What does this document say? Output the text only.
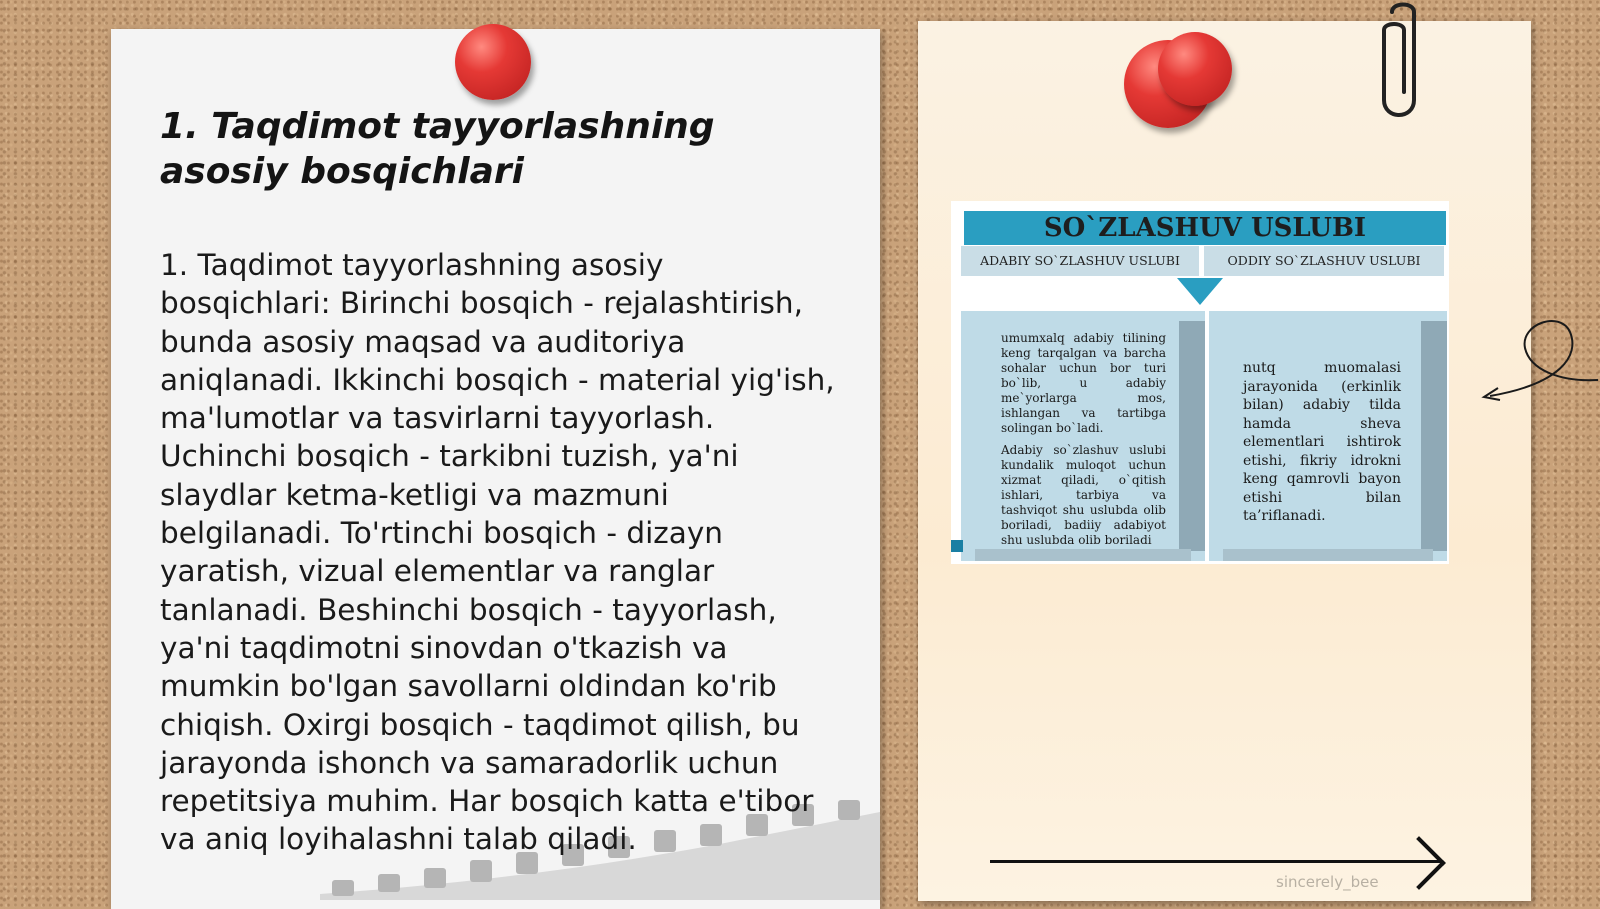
1. Taqdimot tayyorlashning asosiy bosqichlari

1. Taqdimot tayyorlashning asosiy bosqichlari: Birinchi bosqich - rejalashtirish, bunda asosiy maqsad va auditoriya aniqlanadi. Ikkinchi bosqich - material yig'ish, ma'lumotlar va tasvirlarni tayyorlash. Uchinchi bosqich - tarkibni tuzish, ya'ni slaydlar ketma-ketligi va mazmuni belgilanadi. To'rtinchi bosqich - dizayn yaratish, vizual elementlar va ranglar tanlanadi. Beshinchi bosqich - tayyorlash, ya'ni taqdimotni sinovdan o'tkazish va mumkin bo'lgan savollarni oldindan ko'rib chiqish. Oxirgi bosqich - taqdimot qilish, bu jarayonda ishonch va samaradorlik uchun repetitsiya muhim. Har bosqich katta e'tibor va aniq loyihalashni talab qiladi.

SO`ZLASHUV USLUBI
ADABIY SO`ZLASHUV USLUBI	ODDIY SO`ZLASHUV USLUBI

umumxalq adabiy tilining keng tarqalgan va barcha sohalar uchun bor turi bo`lib, u adabiy me`yorlarga mos, ishlangan va tartibga solingan bo`ladi.

Adabiy so`zlashuv uslubi kundalik muloqot uchun xizmat qiladi, o`qitish ishlari, tarbiya va tashviqot shu uslubda olib boriladi, badiiy adabiyot shu uslubda olib boriladi

nutq muomalasi jarayonida (erkinlik bilan) adabiy tilda hamda sheva elementlari ishtirok etishi, fikriy idrokni keng qamrovli bayon etishi bilan ta’riflanadi.

sincerely_bee
